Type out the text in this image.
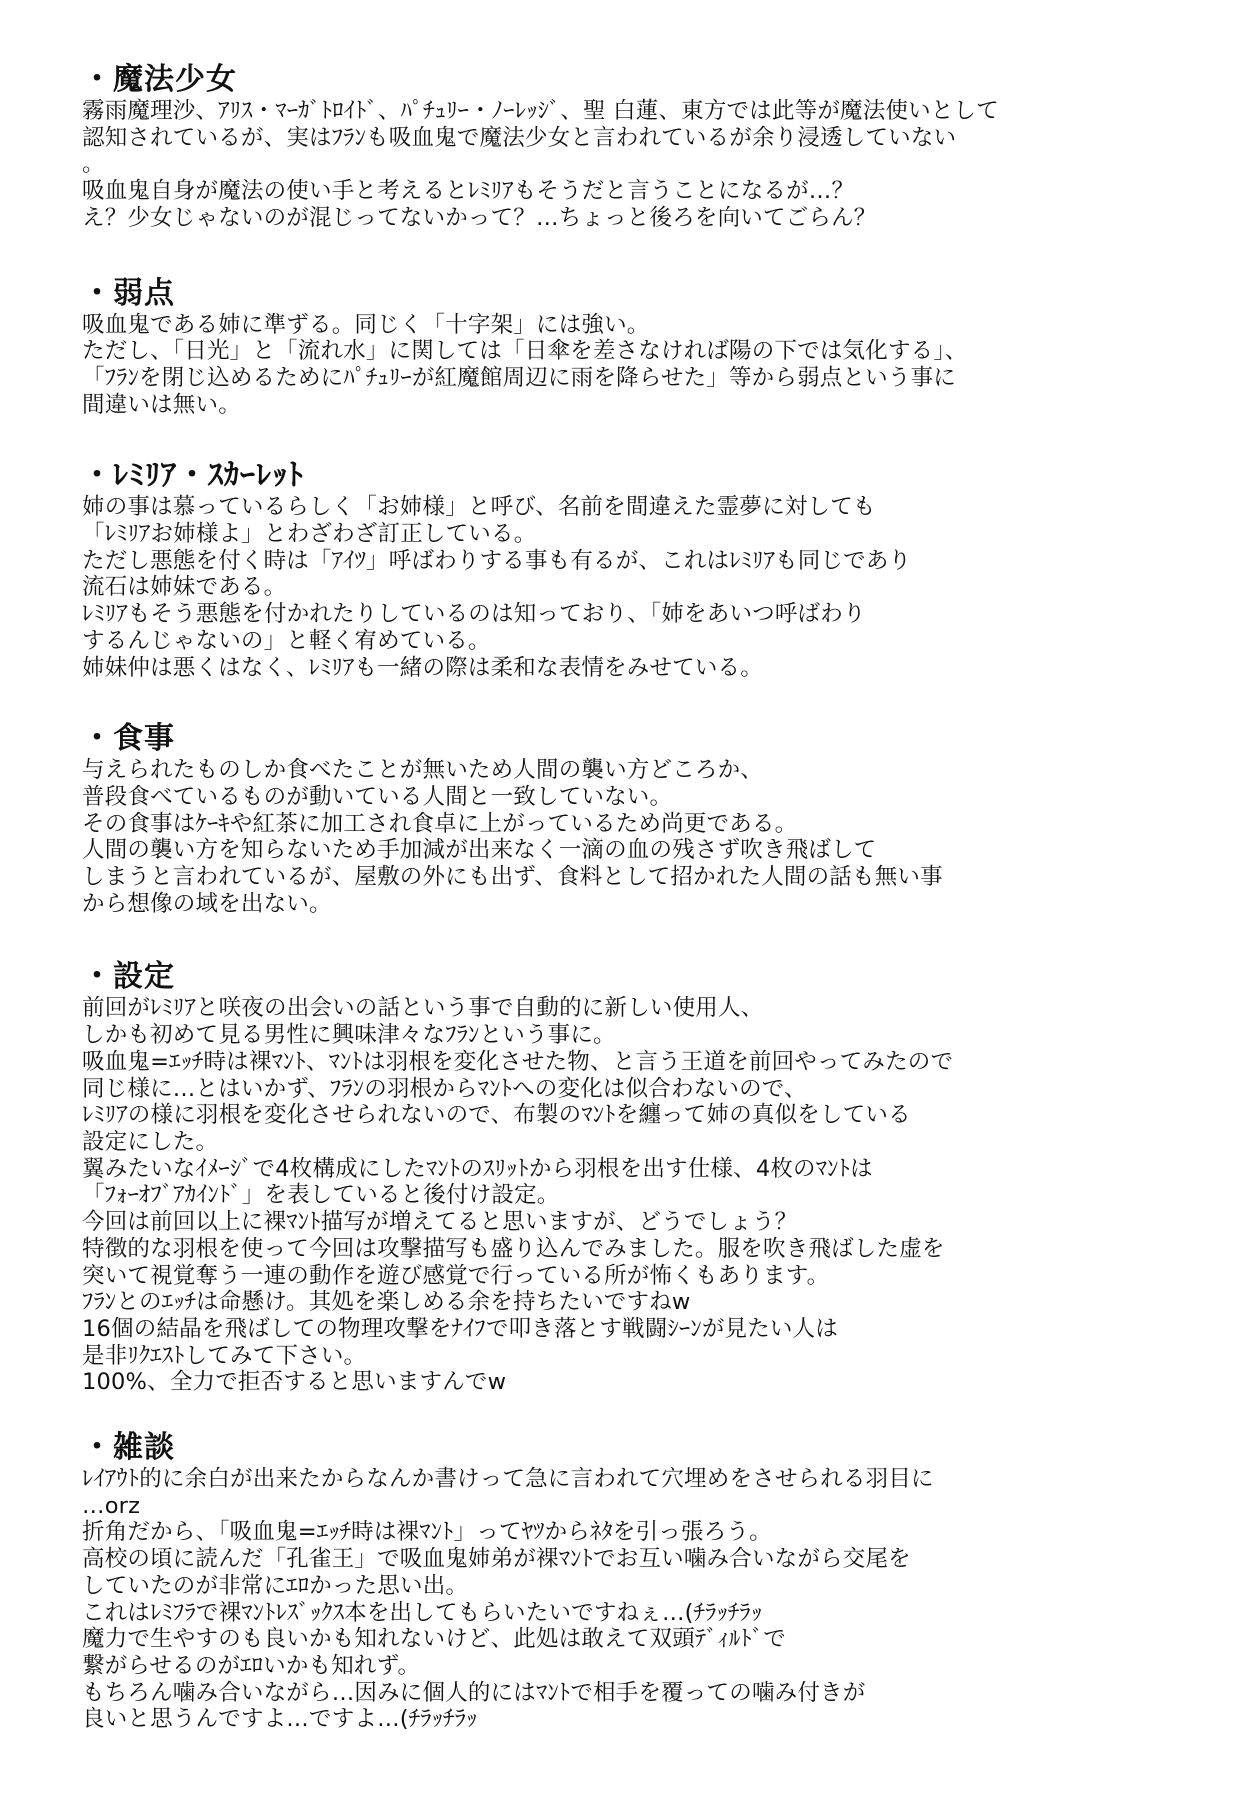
・魔法少女
霧雨魔理沙、ｱﾘｽ・ﾏｰｶﾞﾄﾛｲﾄﾞ、ﾊﾟﾁｭﾘｰ・ﾉｰﾚｯｼﾞ、聖 白蓮、東方では此等が魔法使いとして
認知されているが、実はﾌﾗﾝも吸血鬼で魔法少女と言われているが余り浸透していない
。
吸血鬼自身が魔法の使い手と考えるとﾚﾐﾘｱもそうだと言うことになるが…？
え？少女じゃないのが混じってないかって？…ちょっと後ろを向いてごらん？
・弱点
吸血鬼である姉に準ずる。同じく「十字架」には強い。
ただし、「日光」と「流れ水」に関しては「日傘を差さなければ陽の下では気化する」、
「ﾌﾗﾝを閉じ込めるためにﾊﾟﾁｭﾘｰが紅魔館周辺に雨を降らせた」等から弱点という事に
間違いは無い。
・ﾚﾐﾘｱ・ｽｶｰﾚｯﾄ
姉の事は慕っているらしく「お姉様」と呼び、名前を間違えた霊夢に対しても
「ﾚﾐﾘｱお姉様よ」とわざわざ訂正している。
ただし悪態を付く時は「ｱｲﾂ」呼ばわりする事も有るが、これはﾚﾐﾘｱも同じであり
流石は姉妹である。
ﾚﾐﾘｱもそう悪態を付かれたりしているのは知っており、「姉をあいつ呼ばわり
するんじゃないの」と軽く宥めている。
姉妹仲は悪くはなく、ﾚﾐﾘｱも一緒の際は柔和な表情をみせている。
・食事
与えられたものしか食べたことが無いため人間の襲い方どころか、
普段食べているものが動いている人間と一致していない。
その食事はｹｰｷや紅茶に加工され食卓に上がっているため尚更である。
人間の襲い方を知らないため手加減が出来なく一滴の血の残さず吹き飛ばして
しまうと言われているが、屋敷の外にも出ず、食料として招かれた人間の話も無い事
から想像の域を出ない。
・設定
前回がﾚﾐﾘｱと咲夜の出会いの話という事で自動的に新しい使用人、
しかも初めて見る男性に興味津々なﾌﾗﾝという事に。
吸血鬼=ｴｯﾁ時は裸ﾏﾝﾄ、ﾏﾝﾄは羽根を変化させた物、と言う王道を前回やってみたので
同じ様に…とはいかず、ﾌﾗﾝの羽根からﾏﾝﾄへの変化は似合わないので、
ﾚﾐﾘｱの様に羽根を変化させられないので、布製のﾏﾝﾄを纏って姉の真似をしている
設定にした。
翼みたいなｲﾒｰｼﾞで4枚構成にしたﾏﾝﾄのｽﾘｯﾄから羽根を出す仕様、4枚のﾏﾝﾄは
「ﾌｫｰｵﾌﾞｱｶｲﾝﾄﾞ」を表していると後付け設定。
今回は前回以上に裸ﾏﾝﾄ描写が増えてると思いますが、どうでしょう？
特徴的な羽根を使って今回は攻撃描写も盛り込んでみました。服を吹き飛ばした虚を
突いて視覚奪う一連の動作を遊び感覚で行っている所が怖くもあります。
ﾌﾗﾝとのｴｯﾁは命懸け。其処を楽しめる余を持ちたいですねw
16個の結晶を飛ばしての物理攻撃をﾅｲﾌで叩き落とす戦闘ｼｰﾝが見たい人は
是非ﾘｸｴｽﾄしてみて下さい。
100%、全力で拒否すると思いますんでw
・雑談
ﾚｲｱｳﾄ的に余白が出来たからなんか書けって急に言われて穴埋めをさせられる羽目に
…orz
折角だから、「吸血鬼=ｴｯﾁ時は裸ﾏﾝﾄ」ってﾔﾂからﾈﾀを引っ張ろう。
高校の頃に読んだ「孔雀王」で吸血鬼姉弟が裸ﾏﾝﾄでお互い噛み合いながら交尾を
していたのが非常にｴﾛかった思い出。
これはﾚﾐﾌﾗで裸ﾏﾝﾄﾚｽﾞｯｸｽ本を出してもらいたいですねぇ…(ﾁﾗｯﾁﾗｯ
魔力で生やすのも良いかも知れないけど、此処は敢えて双頭ﾃﾞｨﾙﾄﾞで
繋がらせるのがｴﾛいかも知れず。
もちろん噛み合いながら…因みに個人的にはﾏﾝﾄで相手を覆っての噛み付きが
良いと思うんですよ…ですよ…(ﾁﾗｯﾁﾗｯ
